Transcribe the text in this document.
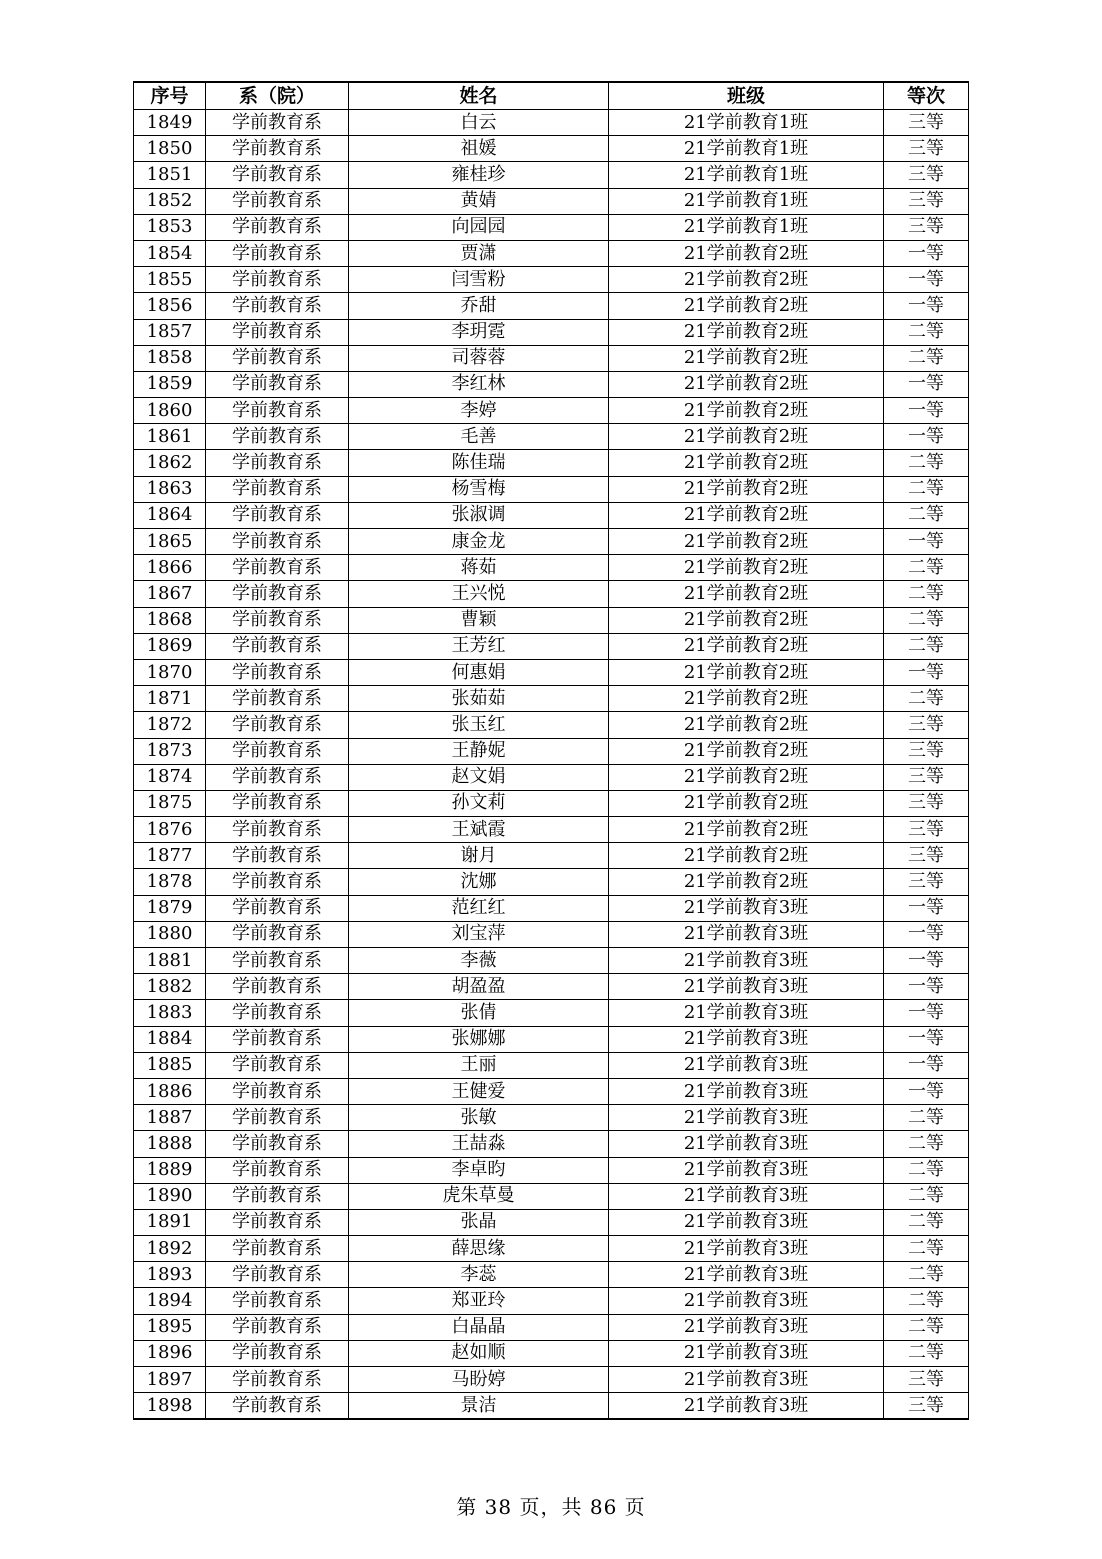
序号	系（院）	姓名	班级	等次
1849	学前教育系	白云	21学前教育1班	三等
1850	学前教育系	祖媛	21学前教育1班	三等
1851	学前教育系	雍桂珍	21学前教育1班	三等
1852	学前教育系	黄婧	21学前教育1班	三等
1853	学前教育系	向园园	21学前教育1班	三等
1854	学前教育系	贾潇	21学前教育2班	一等
1855	学前教育系	闫雪粉	21学前教育2班	一等
1856	学前教育系	乔甜	21学前教育2班	一等
1857	学前教育系	李玥霓	21学前教育2班	二等
1858	学前教育系	司蓉蓉	21学前教育2班	二等
1859	学前教育系	李红林	21学前教育2班	一等
1860	学前教育系	李婷	21学前教育2班	一等
1861	学前教育系	毛善	21学前教育2班	一等
1862	学前教育系	陈佳瑞	21学前教育2班	二等
1863	学前教育系	杨雪梅	21学前教育2班	二等
1864	学前教育系	张淑调	21学前教育2班	二等
1865	学前教育系	康金龙	21学前教育2班	一等
1866	学前教育系	蒋茹	21学前教育2班	二等
1867	学前教育系	王兴悦	21学前教育2班	二等
1868	学前教育系	曹颖	21学前教育2班	二等
1869	学前教育系	王芳红	21学前教育2班	二等
1870	学前教育系	何惠娟	21学前教育2班	一等
1871	学前教育系	张茹茹	21学前教育2班	二等
1872	学前教育系	张玉红	21学前教育2班	三等
1873	学前教育系	王静妮	21学前教育2班	三等
1874	学前教育系	赵文娟	21学前教育2班	三等
1875	学前教育系	孙文莉	21学前教育2班	三等
1876	学前教育系	王斌霞	21学前教育2班	三等
1877	学前教育系	谢月	21学前教育2班	三等
1878	学前教育系	沈娜	21学前教育2班	三等
1879	学前教育系	范红红	21学前教育3班	一等
1880	学前教育系	刘宝萍	21学前教育3班	一等
1881	学前教育系	李薇	21学前教育3班	一等
1882	学前教育系	胡盈盈	21学前教育3班	一等
1883	学前教育系	张倩	21学前教育3班	一等
1884	学前教育系	张娜娜	21学前教育3班	一等
1885	学前教育系	王丽	21学前教育3班	一等
1886	学前教育系	王健爱	21学前教育3班	一等
1887	学前教育系	张敏	21学前教育3班	二等
1888	学前教育系	王喆淼	21学前教育3班	二等
1889	学前教育系	李卓昀	21学前教育3班	二等
1890	学前教育系	虎朱草曼	21学前教育3班	二等
1891	学前教育系	张晶	21学前教育3班	二等
1892	学前教育系	薛思缘	21学前教育3班	二等
1893	学前教育系	李蕊	21学前教育3班	二等
1894	学前教育系	郑亚玲	21学前教育3班	二等
1895	学前教育系	白晶晶	21学前教育3班	二等
1896	学前教育系	赵如顺	21学前教育3班	二等
1897	学前教育系	马盼婷	21学前教育3班	三等
1898	学前教育系	景洁	21学前教育3班	三等
第 38 页，共 86 页
